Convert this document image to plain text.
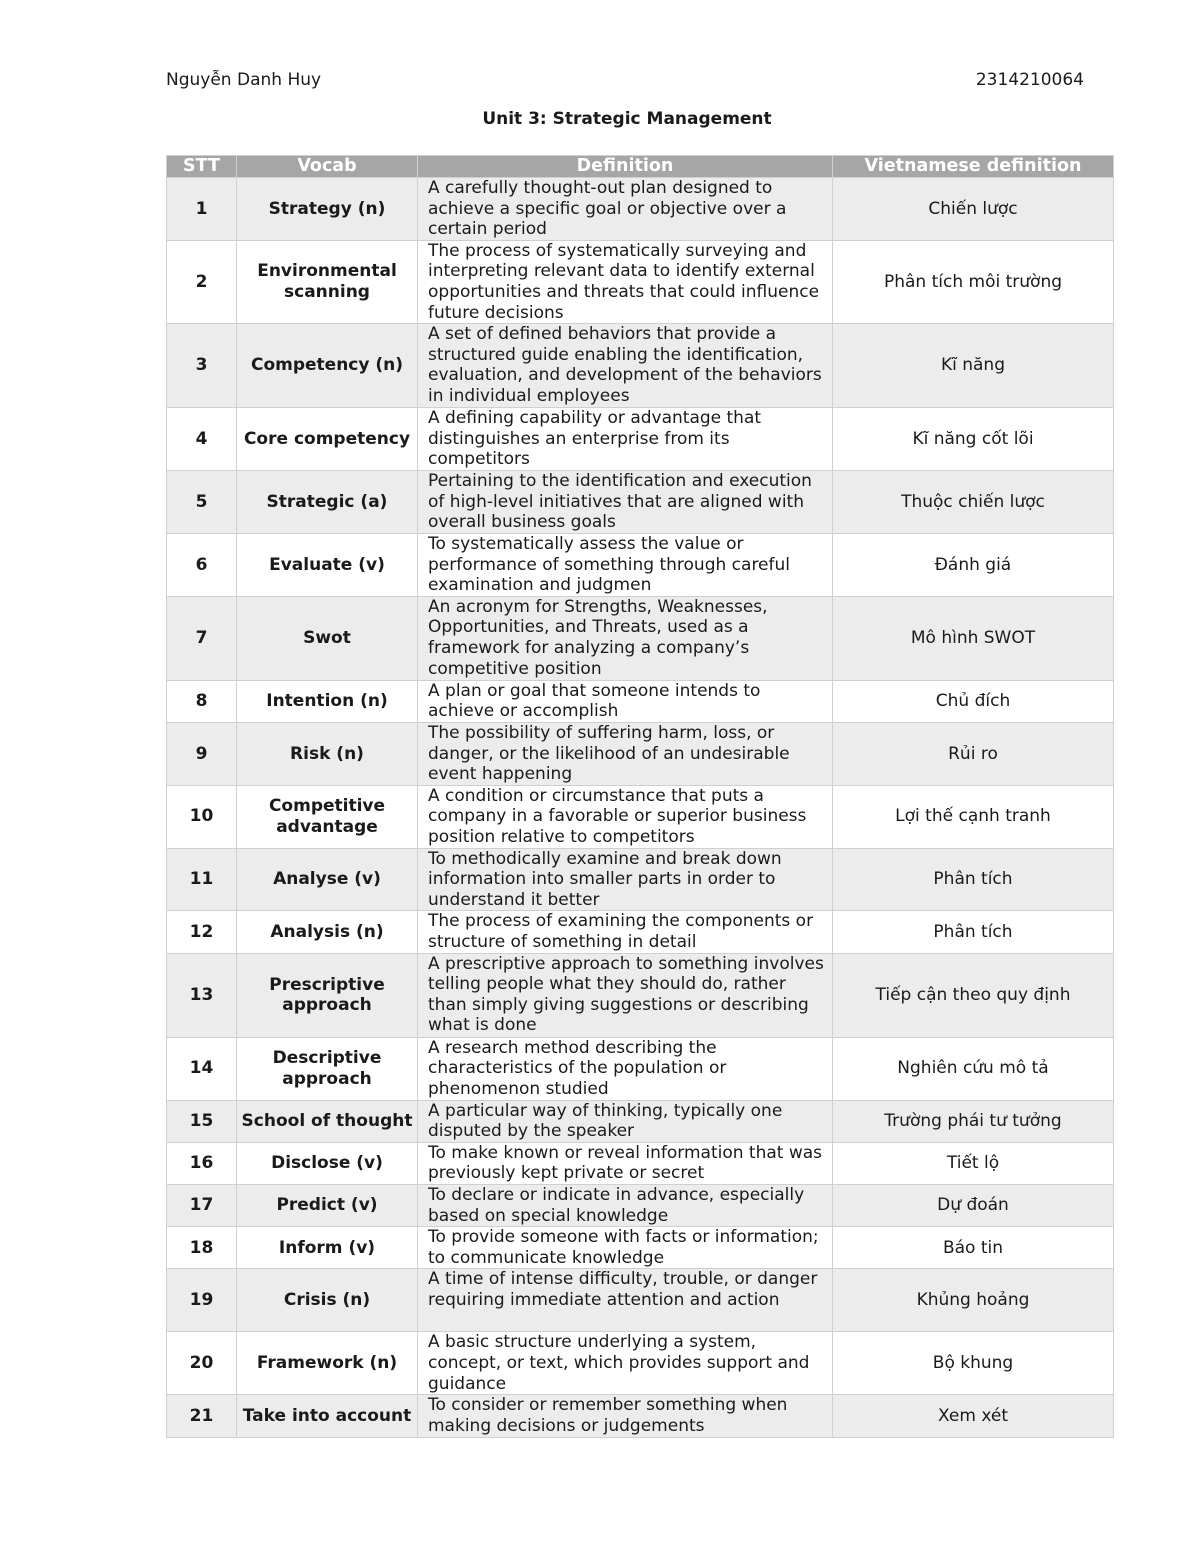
Nguyễn Danh Huy	2314210064
Unit 3: Strategic Management
STT	Vocab	Definition	Vietnamese definition
1	Strategy (n)	A carefully thought-out plan designed to achieve a specific goal or objective over a certain period	Chiến lược
2	Environmental scanning	The process of systematically surveying and interpreting relevant data to identify external opportunities and threats that could influence future decisions	Phân tích môi trường
3	Competency (n)	A set of defined behaviors that provide a structured guide enabling the identification, evaluation, and development of the behaviors in individual employees	Kĩ năng
4	Core competency	A defining capability or advantage that distinguishes an enterprise from its competitors	Kĩ năng cốt lõi
5	Strategic (a)	Pertaining to the identification and execution of high-level initiatives that are aligned with overall business goals	Thuộc chiến lược
6	Evaluate (v)	To systematically assess the value or performance of something through careful examination and judgmen	Đánh giá
7	Swot	An acronym for Strengths, Weaknesses, Opportunities, and Threats, used as a framework for analyzing a company’s competitive position	Mô hình SWOT
8	Intention (n)	A plan or goal that someone intends to achieve or accomplish	Chủ đích
9	Risk (n)	The possibility of suffering harm, loss, or danger, or the likelihood of an undesirable event happening	Rủi ro
10	Competitive advantage	A condition or circumstance that puts a company in a favorable or superior business position relative to competitors	Lợi thế cạnh tranh
11	Analyse (v)	To methodically examine and break down information into smaller parts in order to understand it better	Phân tích
12	Analysis (n)	The process of examining the components or structure of something in detail	Phân tích
13	Prescriptive approach	A prescriptive approach to something involves telling people what they should do, rather than simply giving suggestions or describing what is done	Tiếp cận theo quy định
14	Descriptive approach	A research method describing the characteristics of the population or phenomenon studied	Nghiên cứu mô tả
15	School of thought	A particular way of thinking, typically one disputed by the speaker	Trường phái tư tưởng
16	Disclose (v)	To make known or reveal information that was previously kept private or secret	Tiết lộ
17	Predict (v)	To declare or indicate in advance, especially based on special knowledge	Dự đoán
18	Inform (v)	To provide someone with facts or information; to communicate knowledge	Báo tin
19	Crisis (n)	A time of intense difficulty, trouble, or danger requiring immediate attention and action	Khủng hoảng
20	Framework (n)	A basic structure underlying a system, concept, or text, which provides support and guidance	Bộ khung
21	Take into account	To consider or remember something when making decisions or judgements	Xem xét
